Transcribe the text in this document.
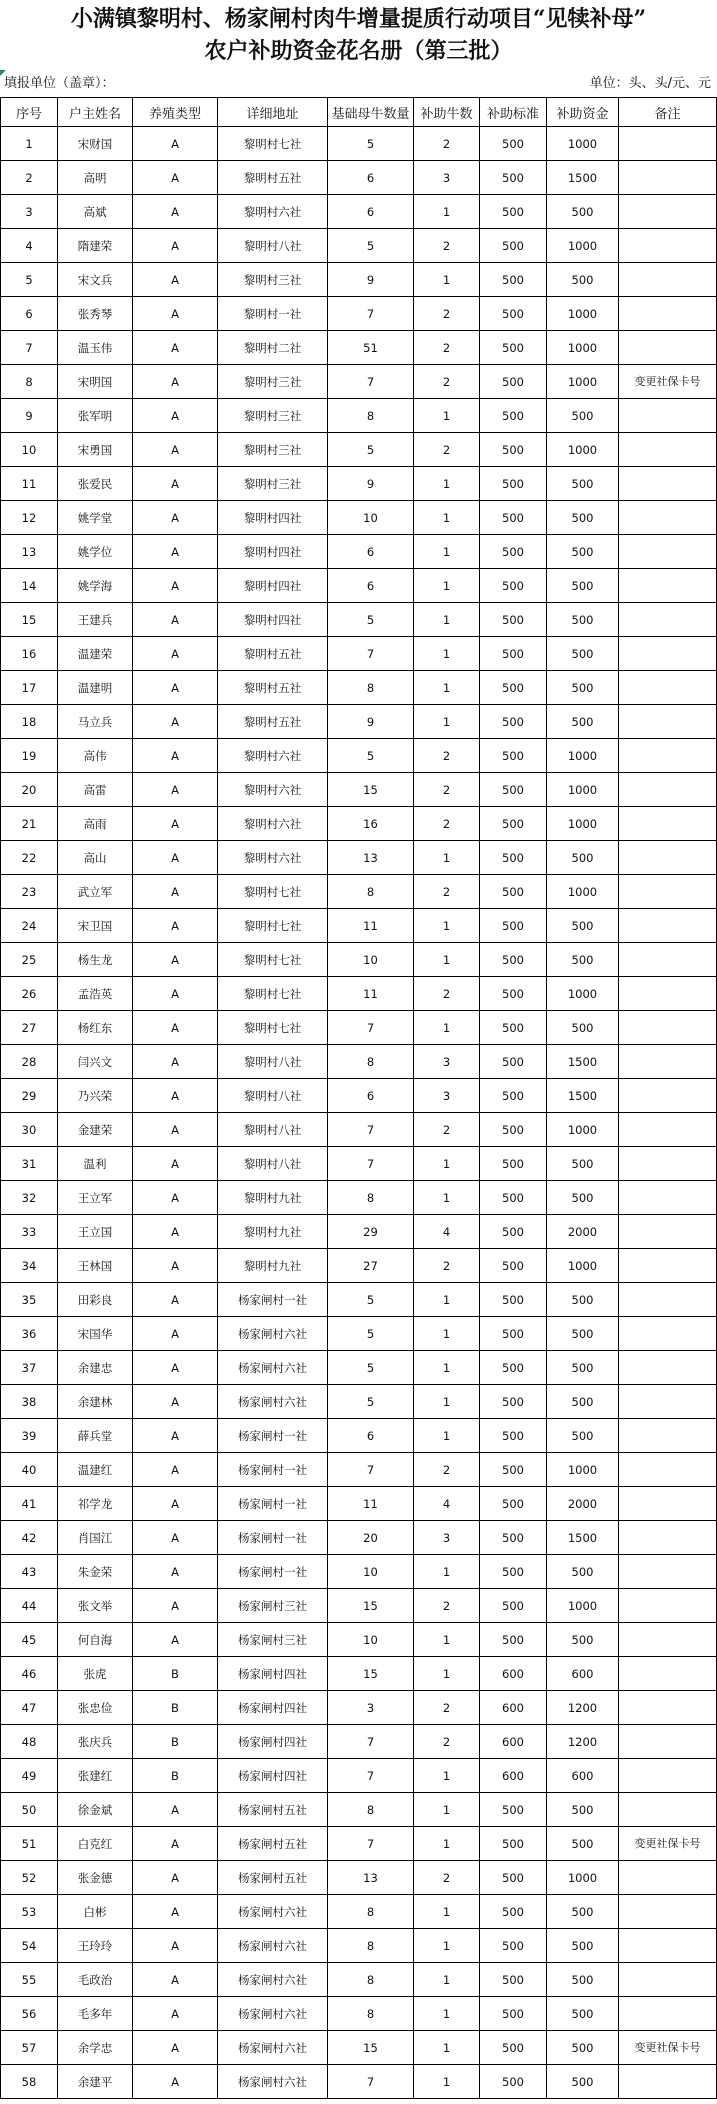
小满镇黎明村、杨家闸村肉牛增量提质行动项目“见犊补母”
农户补助资金花名册（第三批）
填报单位（盖章）：	单位：头、头/元、元
序号	户主姓名	养殖类型	详细地址	基础母牛数量	补助牛数	补助标准	补助资金	备注
1	宋财国	A	黎明村七社	5	2	500	1000	
2	高明	A	黎明村五社	6	3	500	1500	
3	高斌	A	黎明村六社	6	1	500	500	
4	隋建荣	A	黎明村八社	5	2	500	1000	
5	宋文兵	A	黎明村三社	9	1	500	500	
6	张秀琴	A	黎明村一社	7	2	500	1000	
7	温玉伟	A	黎明村二社	51	2	500	1000	
8	宋明国	A	黎明村三社	7	2	500	1000	变更社保卡号
9	张军明	A	黎明村三社	8	1	500	500	
10	宋勇国	A	黎明村三社	5	2	500	1000	
11	张爱民	A	黎明村三社	9	1	500	500	
12	姚学堂	A	黎明村四社	10	1	500	500	
13	姚学位	A	黎明村四社	6	1	500	500	
14	姚学海	A	黎明村四社	6	1	500	500	
15	王建兵	A	黎明村四社	5	1	500	500	
16	温建荣	A	黎明村五社	7	1	500	500	
17	温建明	A	黎明村五社	8	1	500	500	
18	马立兵	A	黎明村五社	9	1	500	500	
19	高伟	A	黎明村六社	5	2	500	1000	
20	高雷	A	黎明村六社	15	2	500	1000	
21	高雨	A	黎明村六社	16	2	500	1000	
22	高山	A	黎明村六社	13	1	500	500	
23	武立军	A	黎明村七社	8	2	500	1000	
24	宋卫国	A	黎明村七社	11	1	500	500	
25	杨生龙	A	黎明村七社	10	1	500	500	
26	孟浩英	A	黎明村七社	11	2	500	1000	
27	杨红东	A	黎明村七社	7	1	500	500	
28	闫兴文	A	黎明村八社	8	3	500	1500	
29	乃兴荣	A	黎明村八社	6	3	500	1500	
30	金建荣	A	黎明村八社	7	2	500	1000	
31	温利	A	黎明村八社	7	1	500	500	
32	王立军	A	黎明村九社	8	1	500	500	
33	王立国	A	黎明村九社	29	4	500	2000	
34	王林国	A	黎明村九社	27	2	500	1000	
35	田彩良	A	杨家闸村一社	5	1	500	500	
36	宋国华	A	杨家闸村六社	5	1	500	500	
37	余建忠	A	杨家闸村六社	5	1	500	500	
38	余建林	A	杨家闸村六社	5	1	500	500	
39	薛兵堂	A	杨家闸村一社	6	1	500	500	
40	温建红	A	杨家闸村一社	7	2	500	1000	
41	祁学龙	A	杨家闸村一社	11	4	500	2000	
42	肖国江	A	杨家闸村一社	20	3	500	1500	
43	朱金荣	A	杨家闸村一社	10	1	500	500	
44	张文举	A	杨家闸村三社	15	2	500	1000	
45	何自海	A	杨家闸村三社	10	1	500	500	
46	张虎	B	杨家闸村四社	15	1	600	600	
47	张忠俭	B	杨家闸村四社	3	2	600	1200	
48	张庆兵	B	杨家闸村四社	7	2	600	1200	
49	张建红	B	杨家闸村四社	7	1	600	600	
50	徐金斌	A	杨家闸村五社	8	1	500	500	
51	白克红	A	杨家闸村五社	7	1	500	500	变更社保卡号
52	张金德	A	杨家闸村五社	13	2	500	1000	
53	白彬	A	杨家闸村六社	8	1	500	500	
54	王玲玲	A	杨家闸村六社	8	1	500	500	
55	毛政治	A	杨家闸村六社	8	1	500	500	
56	毛多年	A	杨家闸村六社	8	1	500	500	
57	余学忠	A	杨家闸村六社	15	1	500	500	变更社保卡号
58	余建平	A	杨家闸村六社	7	1	500	500	
